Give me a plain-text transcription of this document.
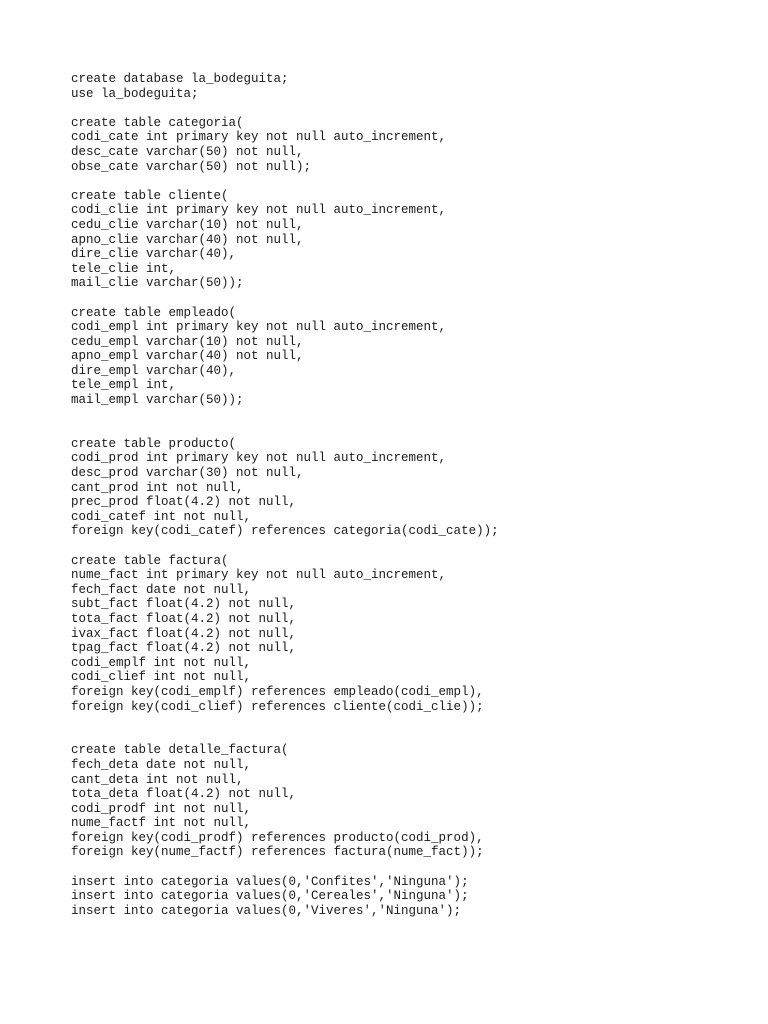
create database la_bodeguita;
use la_bodeguita;
create table categoria(
codi_cate int primary key not null auto_increment,
desc_cate varchar(50) not null,
obse_cate varchar(50) not null);
create table cliente(
codi_clie int primary key not null auto_increment,
cedu_clie varchar(10) not null,
apno_clie varchar(40) not null,
dire_clie varchar(40),
tele_clie int,
mail_clie varchar(50));
create table empleado(
codi_empl int primary key not null auto_increment,
cedu_empl varchar(10) not null,
apno_empl varchar(40) not null,
dire_empl varchar(40),
tele_empl int,
mail_empl varchar(50));
create table producto(
codi_prod int primary key not null auto_increment,
desc_prod varchar(30) not null,
cant_prod int not null,
prec_prod float(4.2) not null,
codi_catef int not null,
foreign key(codi_catef) references categoria(codi_cate));
create table factura(
nume_fact int primary key not null auto_increment,
fech_fact date not null,
subt_fact float(4.2) not null,
tota_fact float(4.2) not null,
ivax_fact float(4.2) not null,
tpag_fact float(4.2) not null,
codi_emplf int not null,
codi_clief int not null,
foreign key(codi_emplf) references empleado(codi_empl),
foreign key(codi_clief) references cliente(codi_clie));
create table detalle_factura(
fech_deta date not null,
cant_deta int not null,
tota_deta float(4.2) not null,
codi_prodf int not null,
nume_factf int not null,
foreign key(codi_prodf) references producto(codi_prod),
foreign key(nume_factf) references factura(nume_fact));
insert into categoria values(0,'Confites','Ninguna');
insert into categoria values(0,'Cereales','Ninguna');
insert into categoria values(0,'Viveres','Ninguna');
